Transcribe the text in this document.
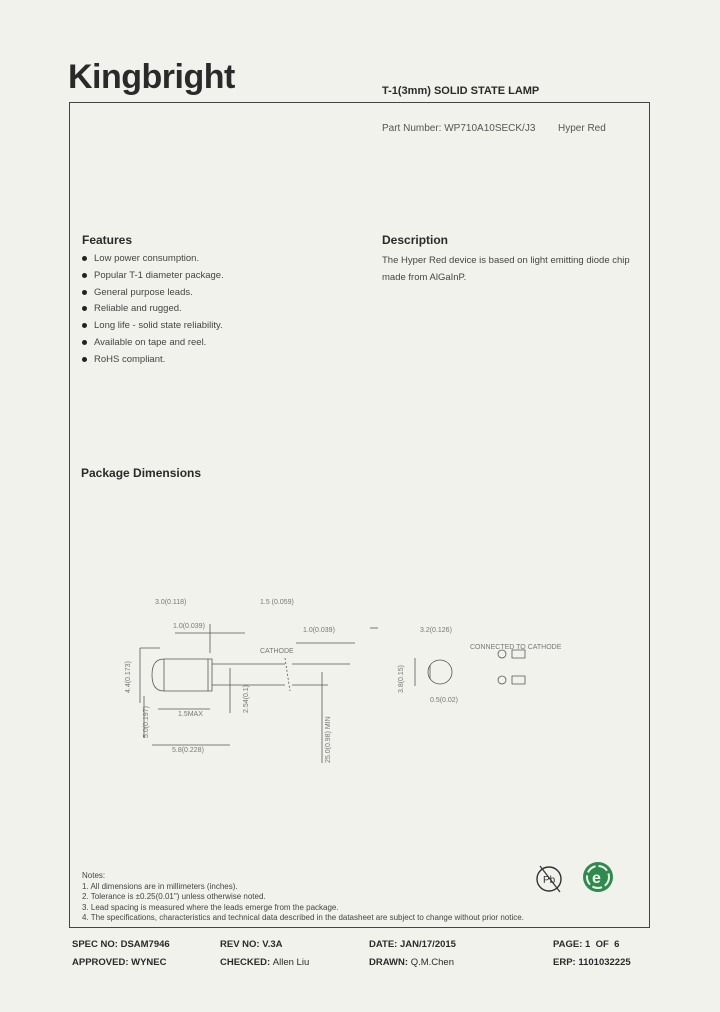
Kingbright	T-1(3mm) SOLID STATE LAMP
Part Number: WP710A10SECK/J3 Hyper Red
Features
Low power consumption.
Popular T-1 diameter package.
General purpose leads.
Reliable and rugged.
Long life - solid state reliability.
Available on tape and reel.
RoHS compliant.
Description
The Hyper Red device is based on light emitting diode chip made from AlGaInP.
Package Dimensions
3.0(0.118)	1.5 (0.059)
1.0(0.039)
1.0(0.039)
CATHODE
1.5MAX
5.8(0.228)
3.2(0.126)
CONNECTED TO CATHODE
0.5(0.02)
4.4(0.173)
5.0(0.197)
2.54(0.1)
25.0(0.98) MIN
3.8(0.15)
Notes:
1. All dimensions are in millimeters (inches).
2. Tolerance is ±0.25(0.01") unless otherwise noted.
3. Lead spacing is measured where the leads emerge from the package.
4. The specifications, characteristics and technical data described in the datasheet are subject to change without prior notice.
Pb e
SPEC NO: DSAM7946	REV NO: V.3A	DATE: JAN/17/2015	PAGE: 1  OF  6
APPROVED: WYNEC	CHECKED: Allen Liu	DRAWN: Q.M.Chen	ERP: 1101032225
